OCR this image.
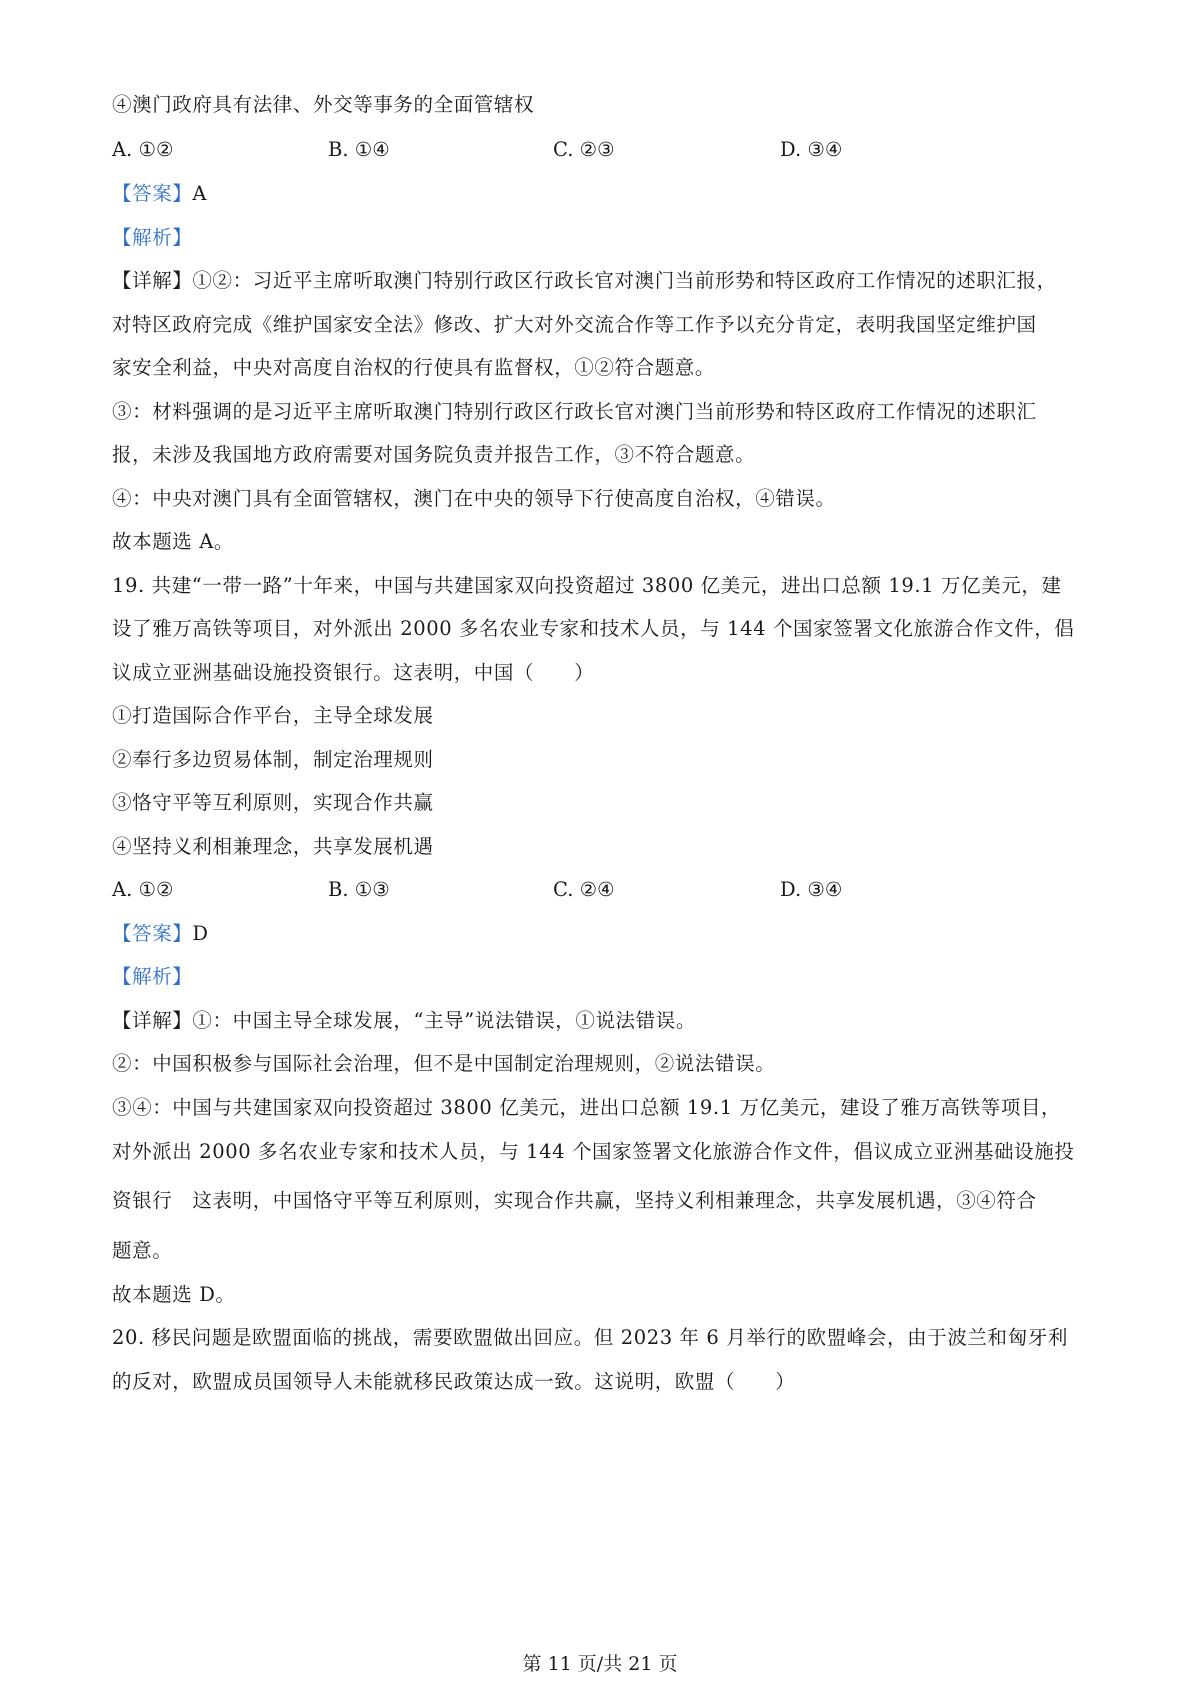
④澳门政府具有法律、外交等事务的全面管辖权
A. ①②	B. ①④	C. ②③	D. ③④
【答案】A
【解析】
【详解】①②：习近平主席听取澳门特别行政区行政长官对澳门当前形势和特区政府工作情况的述职汇报，
对特区政府完成《维护国家安全法》修改、扩大对外交流合作等工作予以充分肯定，表明我国坚定维护国
家安全利益，中央对高度自治权的行使具有监督权，①②符合题意。
③：材料强调的是习近平主席听取澳门特别行政区行政长官对澳门当前形势和特区政府工作情况的述职汇
报，未涉及我国地方政府需要对国务院负责并报告工作，③不符合题意。
④：中央对澳门具有全面管辖权，澳门在中央的领导下行使高度自治权，④错误。
故本题选 A。
19. 共建“一带一路”十年来，中国与共建国家双向投资超过 3800 亿美元，进出口总额 19.1 万亿美元，建
设了雅万高铁等项目，对外派出 2000 多名农业专家和技术人员，与 144 个国家签署文化旅游合作文件，倡
议成立亚洲基础设施投资银行。这表明，中国（　　）
①打造国际合作平台，主导全球发展
②奉行多边贸易体制，制定治理规则
③恪守平等互利原则，实现合作共赢
④坚持义利相兼理念，共享发展机遇
A. ①②	B. ①③	C. ②④	D. ③④
【答案】D
【解析】
【详解】①：中国主导全球发展，“主导”说法错误，①说法错误。
②：中国积极参与国际社会治理，但不是中国制定治理规则，②说法错误。
③④：中国与共建国家双向投资超过 3800 亿美元，进出口总额 19.1 万亿美元，建设了雅万高铁等项目，
对外派出 2000 多名农业专家和技术人员，与 144 个国家签署文化旅游合作文件，倡议成立亚洲基础设施投
资银行　这表明，中国恪守平等互利原则，实现合作共赢，坚持义利相兼理念，共享发展机遇，③④符合
题意。
故本题选 D。
20. 移民问题是欧盟面临的挑战，需要欧盟做出回应。但 2023 年 6 月举行的欧盟峰会，由于波兰和匈牙利
的反对，欧盟成员国领导人未能就移民政策达成一致。这说明，欧盟（　　）
第 11 页/共 21 页
